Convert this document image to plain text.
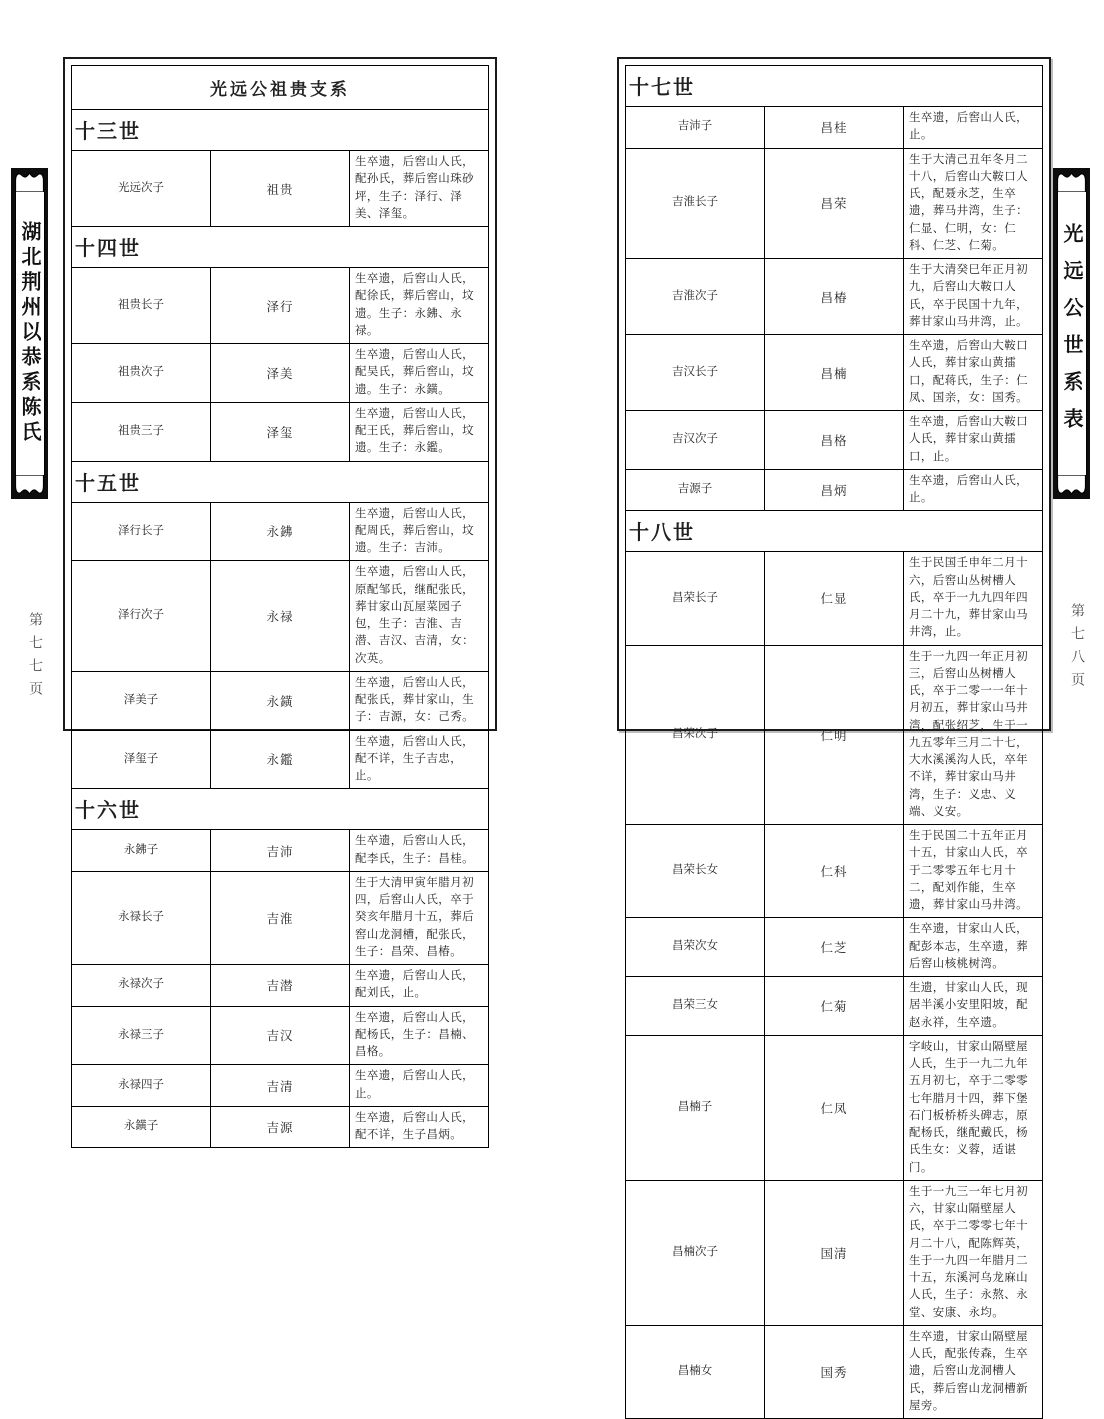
湖北荆州以恭系陈氏	光远公世系表
第七七页	第七八页
光远公祖贵支系		
十三世		
光远次子	祖贵	生卒遗，后窖山人氏，配孙氏，葬后窖山珠砂坪，生子：泽行、泽美、泽玺。
十四世		
祖贵长子	泽行	生卒遗，后窖山人氏，配徐氏，葬后窖山，坟遗。生子：永鉘、永禄。
祖贵次子	泽美	生卒遗，后窖山人氏，配吴氏，葬后窖山，坟遗。生子：永鐄。
祖贵三子	泽玺	生卒遗，后窖山人氏，配王氏，葬后窖山，坟遗。生子：永鑑。
十五世		
泽行长子	永鉘	生卒遗，后窖山人氏，配周氏，葬后窖山，坟遗。生子：吉沛。
泽行次子	永禄	生卒遗，后窖山人氏，原配邹氏，继配张氏，葬甘家山瓦屋菜园子包，生子：吉淮、吉潜、吉汉、吉清，女：次英。
泽美子	永鐄	生卒遗，后窖山人氏，配张氏，葬甘家山，生子：吉源，女：己秀。
泽玺子	永鑑	生卒遗，后窖山人氏，配不详，生子吉忠，止。
十六世		
永鉘子	吉沛	生卒遗，后窖山人氏，配李氏，生子：昌桂。
永禄长子	吉淮	生于大清甲寅年腊月初四，后窖山人氏，卒于癸亥年腊月十五，葬后窖山龙洞槽，配张氏，生子：昌荣、昌椿。
永禄次子	吉潜	生卒遗，后窖山人氏，配刘氏，止。
永禄三子	吉汉	生卒遗，后窖山人氏，配杨氏，生子：昌楠、昌格。
永禄四子	吉清	生卒遗，后窖山人氏，止。
永鐄子	吉源	生卒遗，后窖山人氏，配不详，生子昌炳。
十七世		
吉沛子	昌桂	生卒遗，后窖山人氏，止。
吉淮长子	昌荣	生于大清己丑年冬月二十八，后窖山大鞍口人氏，配聂永芝，生卒遗，葬马井湾，生子：仁显、仁明，女：仁科、仁芝、仁菊。
吉淮次子	昌椿	生于大清癸巳年正月初九，后窖山大鞍口人氏，卒于民国十九年，葬甘家山马井湾，止。
吉汉长子	昌楠	生卒遗，后窖山大鞍口人氏，葬甘家山黄擂口，配蒋氏，生子：仁凤、国亲，女：国秀。
吉汉次子	昌格	生卒遗，后窖山大鞍口人氏，葬甘家山黄擂口，止。
吉源子	昌炳	生卒遗，后窖山人氏，止。
十八世		
昌荣长子	仁显	生于民国壬申年二月十六，后窖山丛树槽人氏，卒于一九九四年四月二十九，葬甘家山马井湾，止。
昌荣次子	仁明	生于一九四一年正月初三，后窖山丛树槽人氏，卒于二零一一年十月初五，葬甘家山马井湾，配张绍芝，生于一九五零年三月二十七，大水溪溪沟人氏，卒年不详，葬甘家山马井湾，生子：义忠、义端、义安。
昌荣长女	仁科	生于民国二十五年正月十五，甘家山人氏，卒于二零零五年七月十二，配刘作能，生卒遗，葬甘家山马井湾。
昌荣次女	仁芝	生卒遗，甘家山人氏，配彭本志，生卒遗，葬后窖山核桃树湾。
昌荣三女	仁菊	生遗，甘家山人氏，现居半溪小安里阳坡，配赵永祥，生卒遗。
昌楠子	仁凤	字岐山，甘家山隔壁屋人氏，生于一九二九年五月初七，卒于二零零七年腊月十四，葬下堡石门板桥桥头碑志，原配杨氏，继配戴氏，杨氏生女：义蓉，适谌门。
昌楠次子	国清	生于一九三一年七月初六，甘家山隔壁屋人氏，卒于二零零七年十月二十八，配陈辉英，生于一九四一年腊月二十五，东溪河乌龙麻山人氏，生子：永熬、永堂、安康、永均。
昌楠女	国秀	生卒遗，甘家山隔壁屋人氏，配张传森，生卒遗，后窖山龙洞槽人氏，葬后窖山龙洞槽新屋旁。
